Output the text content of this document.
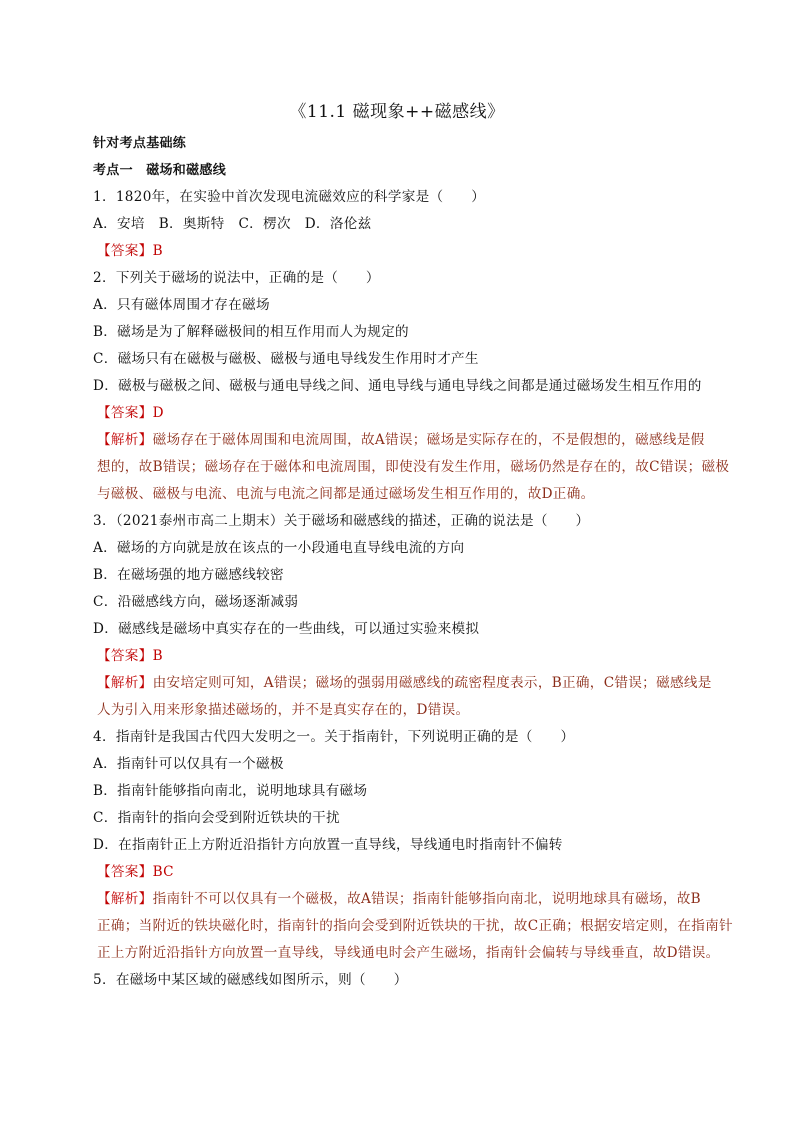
《11.1 磁现象++磁感线》
针对考点基础练
考点一　磁场和磁感线
1．1820年，在实验中首次发现电流磁效应的科学家是（　　）
A．安培　B．奥斯特　C．楞次　D．洛伦兹
【答案】B
2．下列关于磁场的说法中，正确的是（　　）
A．只有磁体周围才存在磁场
B．磁场是为了解释磁极间的相互作用而人为规定的
C．磁场只有在磁极与磁极、磁极与通电导线发生作用时才产生
D．磁极与磁极之间、磁极与通电导线之间、通电导线与通电导线之间都是通过磁场发生相互作用的
【答案】D
【解析】磁场存在于磁体周围和电流周围，故A错误；磁场是实际存在的，不是假想的，磁感线是假
想的，故B错误；磁场存在于磁体和电流周围，即使没有发生作用，磁场仍然是存在的，故C错误；磁极
与磁极、磁极与电流、电流与电流之间都是通过磁场发生相互作用的，故D正确。
3．（2021泰州市高二上期末）关于磁场和磁感线的描述，正确的说法是（　　）
A．磁场的方向就是放在该点的一小段通电直导线电流的方向
B．在磁场强的地方磁感线较密
C．沿磁感线方向，磁场逐渐减弱
D．磁感线是磁场中真实存在的一些曲线，可以通过实验来模拟
【答案】B
【解析】由安培定则可知，A错误；磁场的强弱用磁感线的疏密程度表示，B正确，C错误；磁感线是
人为引入用来形象描述磁场的，并不是真实存在的，D错误。
4．指南针是我国古代四大发明之一。关于指南针，下列说明正确的是（　　）
A．指南针可以仅具有一个磁极
B．指南针能够指向南北，说明地球具有磁场
C．指南针的指向会受到附近铁块的干扰
D．在指南针正上方附近沿指针方向放置一直导线，导线通电时指南针不偏转
【答案】BC
【解析】指南针不可以仅具有一个磁极，故A错误；指南针能够指向南北，说明地球具有磁场，故B
正确；当附近的铁块磁化时，指南针的指向会受到附近铁块的干扰，故C正确；根据安培定则，在指南针
正上方附近沿指针方向放置一直导线，导线通电时会产生磁场，指南针会偏转与导线垂直，故D错误。
5．在磁场中某区域的磁感线如图所示，则（　　）
